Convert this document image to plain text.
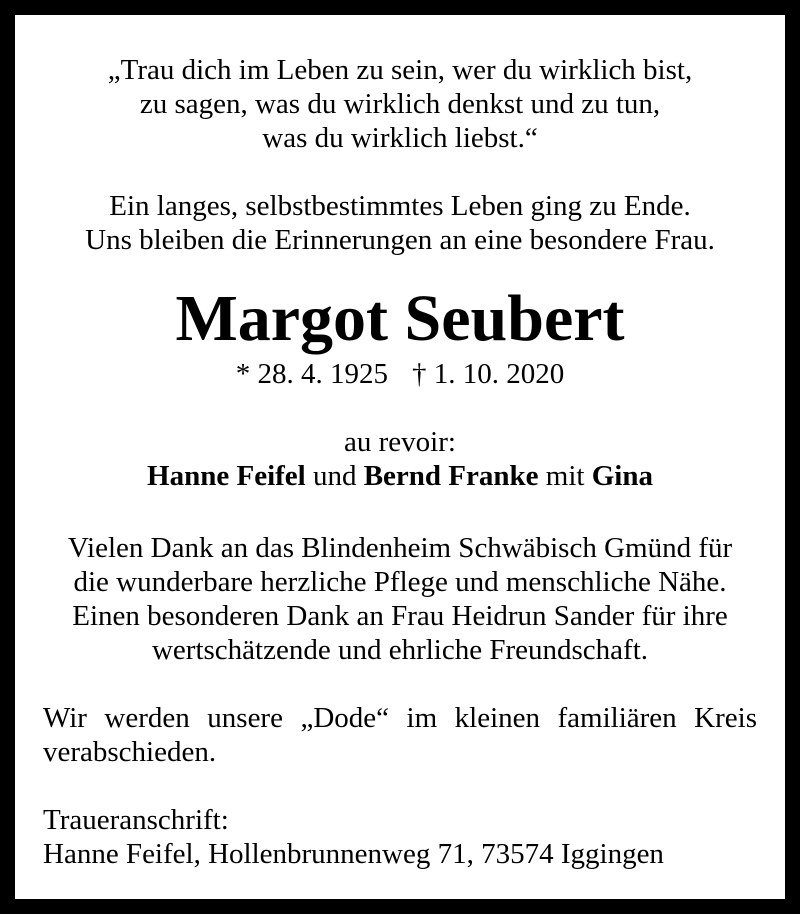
„Trau dich im Leben zu sein, wer du wirklich bist,
zu sagen, was du wirklich denkst und zu tun,
was du wirklich liebst.“
Ein langes, selbstbestimmtes Leben ging zu Ende.
Uns bleiben die Erinnerungen an eine besondere Frau.
Margot Seubert
* 28. 4. 1925 † 1. 10. 2020
au revoir:
Hanne Feifel und Bernd Franke mit Gina
Vielen Dank an das Blindenheim Schwäbisch Gmünd für
die wunderbare herzliche Pflege und menschliche Nähe.
Einen besonderen Dank an Frau Heidrun Sander für ihre
wertschätzende und ehrliche Freundschaft.
Wir werden unsere „Dode“ im kleinen familiären Kreis verabschieden.
Traueranschrift:
Hanne Feifel, Hollenbrunnenweg 71, 73574 Iggingen
